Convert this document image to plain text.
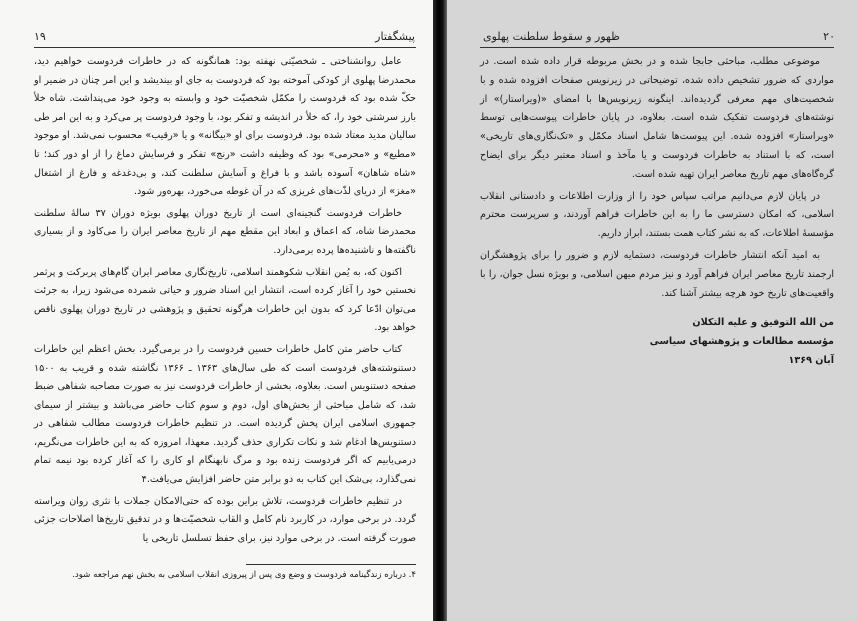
۱۹	پیشگفتار

عامل روانشناختی ـ شخصیّتی نهفته بود: همانگونه که در خاطرات فردوست خواهیم دید، محمدرضا پهلوی از کودکی آموخته بود که فردوست به جای او بیندیشد و این امر چنان در ضمیر او حکّ شده بود که فردوست را مکمّل شخصیّت خود و وابسته به وجود خود می‌پنداشت. شاه خلأ بارز سرشتی خود را، که خلأ در اندیشه و تفکر بود، با وجود فردوست پر می‌کرد و به این امر طی سالیان مدید معتاد شده بود. فردوست برای او «بیگانه» و یا «رقیب» محسوب نمی‌شد. او موجود «مطیع» و «محرمی» بود که وظیفه داشت «رنج» تفکر و فرسایش دماغ را از او دور کند؛ تا «شاه شاهان» آسوده باشد و با فراغ و آسایش سلطنت کند، و بی‌دغدغه و فارغ از اشتغال «مغز» از دریای لذّت‌های غریزی که در آن غوطه می‌خورد، بهره‌ور شود.

خاطرات فردوست گنجینه‌ای است از تاریخ دوران پهلوی بویژه دوران ۳۷ سالهٔ سلطنت محمدرضا شاه، که اعماق و ابعاد این مقطع مهم از تاریخ معاصر ایران را می‌کاود و از بسیاری ناگفته‌ها و ناشنیده‌ها پرده برمی‌دارد.

اکنون که، به یُمن انقلاب شکوهمند اسلامی، تاریخ‌نگاری معاصر ایران گام‌های پربرکت و پرثمر نخستین خود را آغاز کرده است، انتشار این اسناد ضرور و حیاتی شمرده می‌شود زیرا، به جرئت می‌توان ادّعا کرد که بدون این خاطرات هرگونه تحقیق و پژوهشی در تاریخ دوران پهلوی ناقص خواهد بود.

کتاب حاضر متن کامل خاطرات حسین فردوست را در برمی‌گیرد. بخش اعظم این خاطرات دستنوشته‌های فردوست است که طی سال‌های ۱۳۶۳ ـ ۱۳۶۶ نگاشته شده و قریب به ۱۵۰۰ صفحه دستنویس است. بعلاوه، بخشی از خاطرات فردوست نیز به صورت مصاحبه شفاهی ضبط شد، که شامل مباحثی از بخش‌های اول، دوم و سوم کتاب حاضر می‌باشد و بیشتر از سیمای جمهوری اسلامی ایران پخش گردیده است. در تنظیم خاطرات فردوست مطالب شفاهی در دستنویس‌ها ادغام شد و نکات تکراری حذف گردید. معهذا، امروزه که به این خاطرات می‌نگریم، درمی‌یابیم که اگر فردوست زنده بود و مرگ نابهنگام او کاری را که آغاز کرده بود نیمه تمام نمی‌گذارد، بی‌شک این کتاب به دو برابر متن حاضر افزایش می‌یافت.۴

در تنظیم خاطرات فردوست، تلاش براین بوده که حتی‌الامکان جملات با نثری روان ویراسته گردد. در برخی موارد، در کاربرد نام کامل و القاب شخصیّت‌ها و در تدقیق تاریخ‌ها اصلاحات جزئی صورت گرفته است. در برخی موارد نیز، برای حفظ تسلسل تاریخی یا

۴. درباره زندگینامه فردوست و وضع وی پس از پیروزی انقلاب اسلامی به بخش نهم مراجعه شود.
۲۰
ظهور و سقوط سلطنت پهلوی

موضوعی مطلب، مباحثی جابجا شده و در بخش مربوطه قرار داده شده است. در مواردی که ضرور تشخیص داده شده، توضیحاتی در زیرنویس صفحات افزوده شده و با شخصیت‌های مهم معرفی گردیده‌اند. اینگونه زیرنویس‌ها با امضای «(ویراستار)» از نوشته‌های فردوست تفکیک شده است. بعلاوه، در پایان خاطرات پیوست‌هایی توسط «ویراستار» افزوده شده. این پیوست‌ها شامل اسناد مکمّل و «تک‌نگاری‌های تاریخی» است، که با استناد به خاطرات فردوست و یا مآخذ و اسناد معتبر دیگر برای ایضاح گره‌گاه‌های مهم تاریخ معاصر ایران تهیه شده است.

در پایان لازم می‌دانیم مراتب سپاس خود را از وزارت اطلاعات و دادستانی انقلاب اسلامی، که امکان دسترسی ما را به این خاطرات فراهم آوردند، و سرپرست محترم مؤسسهٔ اطلاعات، که به نشر کتاب همت بستند، ابراز داریم.

به امید آنکه انتشار خاطرات فردوست، دستمایه لازم و ضرور را برای پژوهشگران ارجمند تاریخ معاصر ایران فراهم آورد و نیز مردم میهن اسلامی، و بویژه نسل جوان، را با واقعیت‌های تاریخ خود هرچه بیشتر آشنا کند.

من الله التوفیق و علیه التکلان
مؤسسه مطالعات و پژوهشهای سیاسی
آبان ۱۳۶۹
